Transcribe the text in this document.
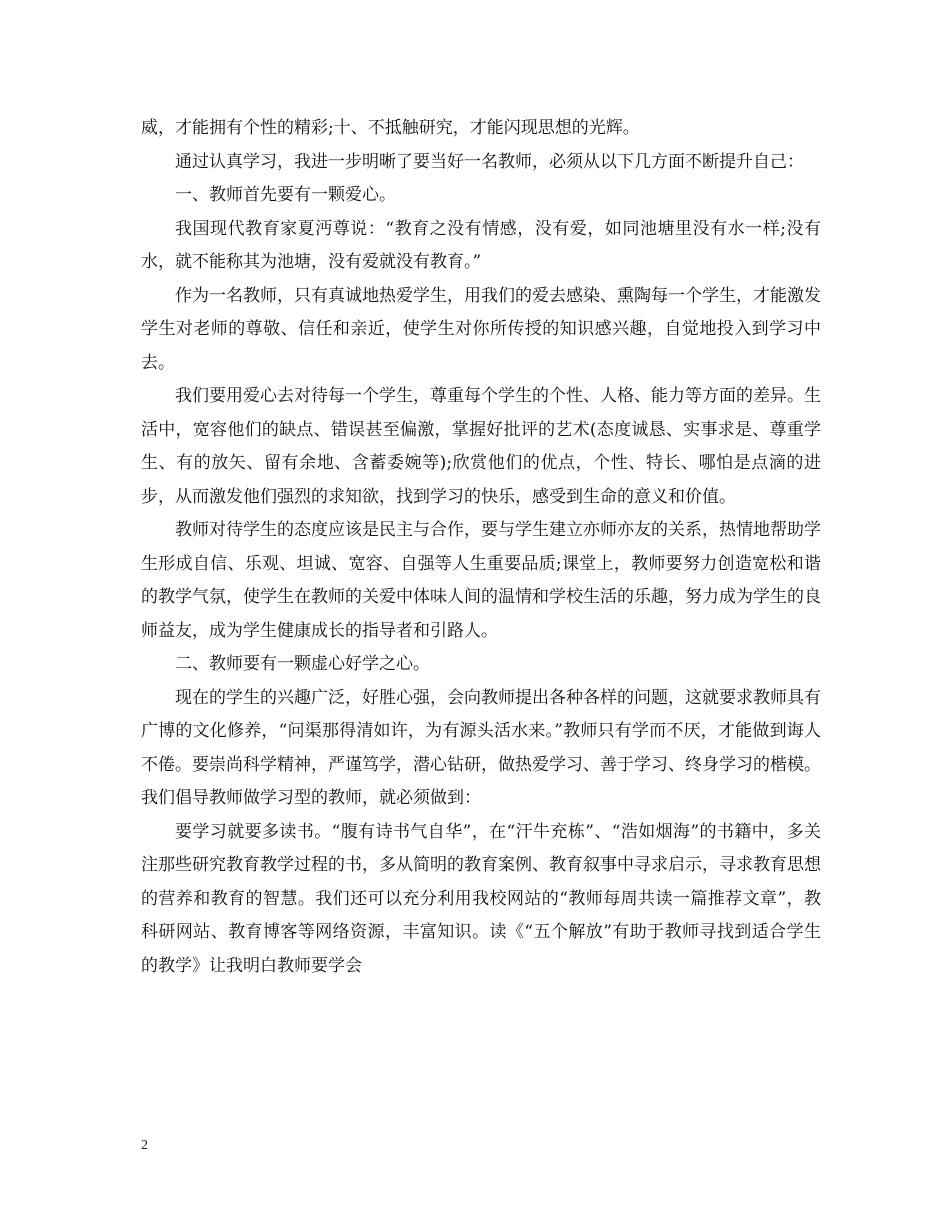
威，才能拥有个性的精彩;十、不抵触研究，才能闪现思想的光辉。

通过认真学习，我进一步明晰了要当好一名教师，必须从以下几方面不断提升自己：

一、教师首先要有一颗爱心。

我国现代教育家夏沔尊说：“教育之没有情感，没有爱，如同池塘里没有水一样;没有水，就不能称其为池塘，没有爱就没有教育。”

作为一名教师，只有真诚地热爱学生，用我们的爱去感染、熏陶每一个学生，才能激发学生对老师的尊敬、信任和亲近，使学生对你所传授的知识感兴趣，自觉地投入到学习中去。

我们要用爱心去对待每一个学生，尊重每个学生的个性、人格、能力等方面的差异。生活中，宽容他们的缺点、错误甚至偏激，掌握好批评的艺术(态度诚恳、实事求是、尊重学生、有的放矢、留有余地、含蓄委婉等);欣赏他们的优点，个性、特长、哪怕是点滴的进步，从而激发他们强烈的求知欲，找到学习的快乐，感受到生命的意义和价值。

教师对待学生的态度应该是民主与合作，要与学生建立亦师亦友的关系，热情地帮助学生形成自信、乐观、坦诚、宽容、自强等人生重要品质;课堂上，教师要努力创造宽松和谐的教学气氛，使学生在教师的关爱中体味人间的温情和学校生活的乐趣，努力成为学生的良师益友，成为学生健康成长的指导者和引路人。

二、教师要有一颗虚心好学之心。

现在的学生的兴趣广泛，好胜心强，会向教师提出各种各样的问题，这就要求教师具有广博的文化修养，“问渠那得清如许，为有源头活水来。”教师只有学而不厌，才能做到诲人不倦。要崇尚科学精神，严谨笃学，潜心钻研，做热爱学习、善于学习、终身学习的楷模。我们倡导教师做学习型的教师，就必须做到：

要学习就要多读书。“腹有诗书气自华”，在“汗牛充栋”、“浩如烟海”的书籍中，多关注那些研究教育教学过程的书，多从简明的教育案例、教育叙事中寻求启示，寻求教育思想的营养和教育的智慧。我们还可以充分利用我校网站的“教师每周共读一篇推荐文章”，教科研网站、教育博客等网络资源，丰富知识。读《“五个解放”有助于教师寻找到适合学生的教学》让我明白教师要学会

2
